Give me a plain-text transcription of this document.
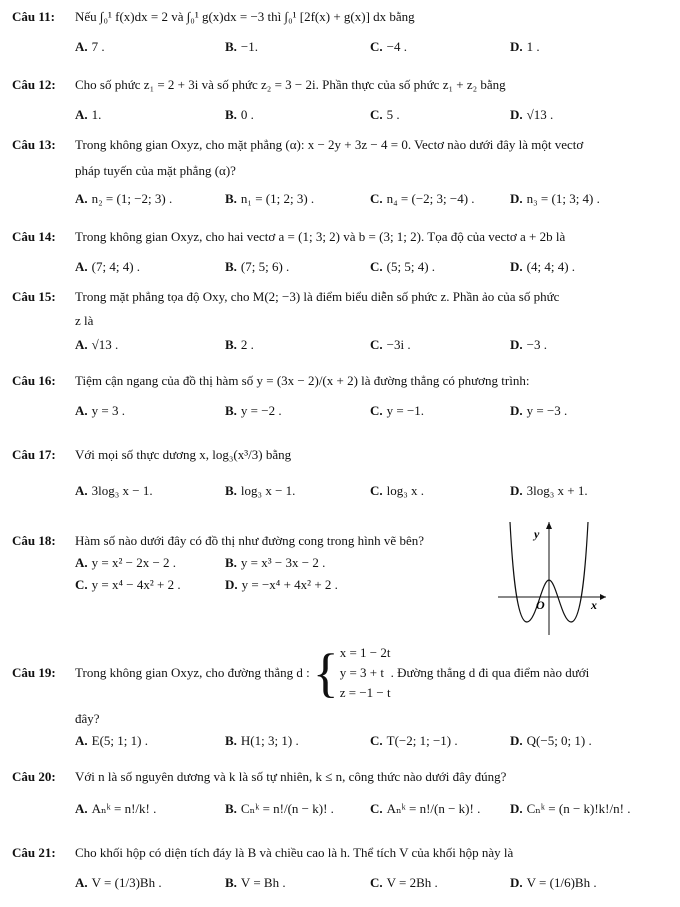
Câu 11: Nếu ∫₀¹ f(x)dx = 2 và ∫₀¹ g(x)dx = −3 thì ∫₀¹ [2f(x) + g(x)] dx bằng
A. 7 .	B. −1.	C. −4 .	D. 1 .
Câu 12: Cho số phức z₁ = 2 + 3i và số phức z₂ = 3 − 2i. Phần thực của số phức z₁ + z₂ bằng
A. 1.	B. 0 .	C. 5 .	D. √13 .
Câu 13: Trong không gian Oxyz, cho mặt phẳng (α): x − 2y + 3z − 4 = 0. Vectơ nào dưới đây là một vectơ
pháp tuyến của mặt phẳng (α)?
A. n₂ = (1; −2; 3) .	B. n₁ = (1; 2; 3) .	C. n₄ = (−2; 3; −4) .	D. n₃ = (1; 3; 4) .
Câu 14: Trong không gian Oxyz, cho hai vectơ a = (1; 3; 2) và b = (3; 1; 2). Tọa độ của vectơ a + 2b là
A. (7; 4; 4) .	B. (7; 5; 6) .	C. (5; 5; 4) .	D. (4; 4; 4) .
Câu 15: Trong mặt phẳng tọa độ Oxy, cho M(2; −3) là điểm biểu diễn số phức z. Phần ảo của số phức
z là
A. √13 .	B. 2 .	C. −3i .	D. −3 .
Câu 16: Tiệm cận ngang của đồ thị hàm số y = (3x − 2)/(x + 2) là đường thẳng có phương trình:
A. y = 3 .	B. y = −2 .	C. y = −1.	D. y = −3 .
Câu 17: Với mọi số thực dương x, log₃(x³/3) bằng
A. 3log₃ x − 1.	B. log₃ x − 1.	C. log₃ x .	D. 3log₃ x + 1.
Câu 18: Hàm số nào dưới đây có đồ thị như đường cong trong hình vẽ bên?
A. y = x² − 2x − 2 .	B. y = x³ − 3x − 2 .
C. y = x⁴ − 4x² + 2 .	D. y = −x⁴ + 4x² + 2 .
y
O	x
Câu 19: Trong không gian Oxyz, cho đường thẳng d : { x = 1 − 2t
y = 3 + t
z = −1 − t
. Đường thẳng d đi qua điểm nào dưới
đây?
A. E(5; 1; 1) .	B. H(1; 3; 1) .	C. T(−2; 1; −1) .	D. Q(−5; 0; 1) .
Câu 20: Với n là số nguyên dương và k là số tự nhiên, k ≤ n, công thức nào dưới đây đúng?
A. Aₙᵏ = n!/k! .	B. Cₙᵏ = n!/(n − k)! .	C. Aₙᵏ = n!/(n − k)! . D. Cₙᵏ = (n − k)!k!/n! .
Câu 21: Cho khối hộp có diện tích đáy là B và chiều cao là h. Thể tích V của khối hộp này là
A. V = (1/3)Bh .	B. V = Bh .	C. V = 2Bh .	D. V = (1/6)Bh .
